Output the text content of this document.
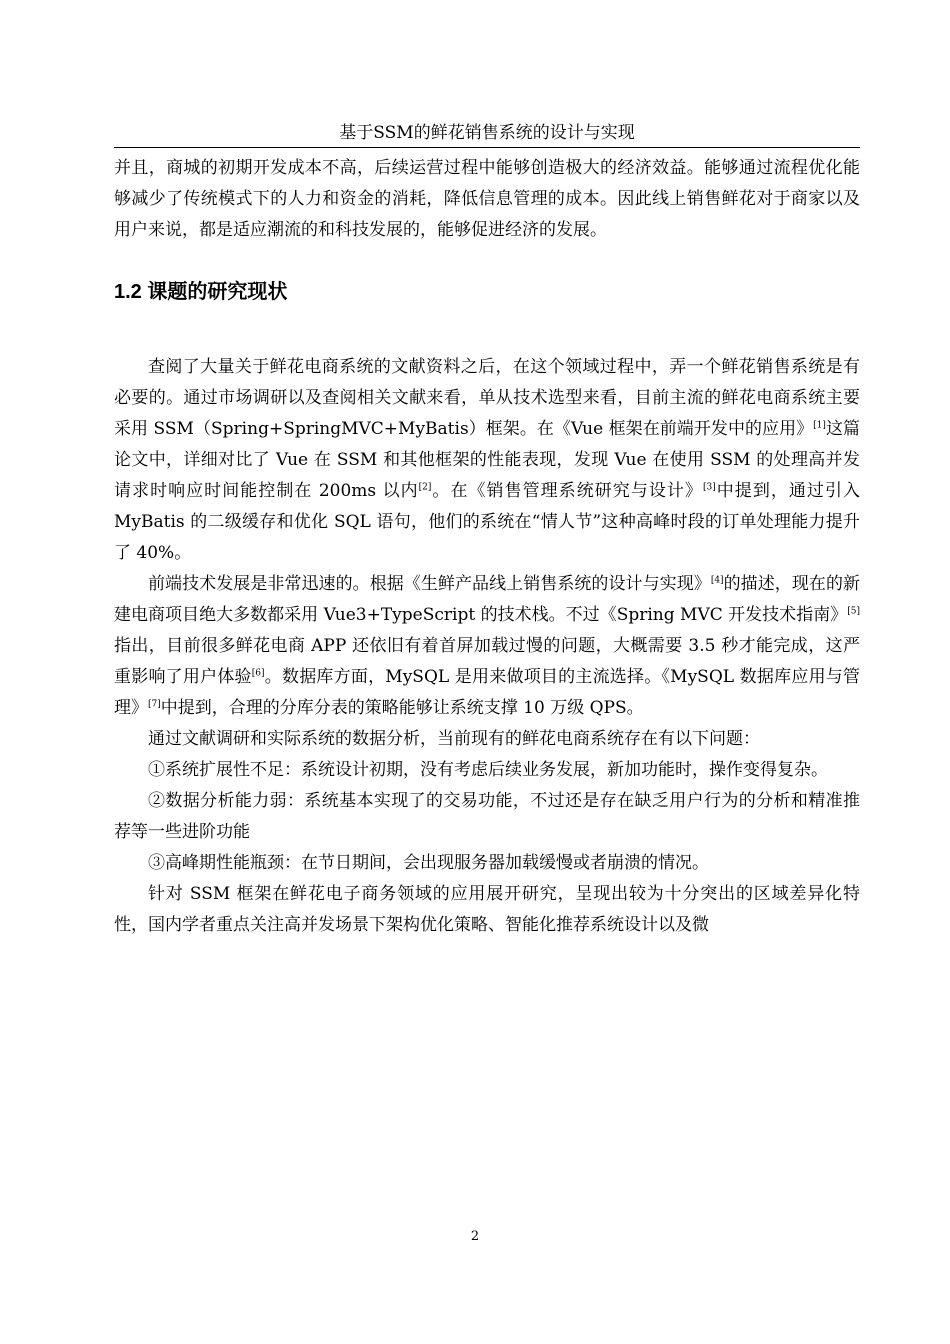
基于SSM的鲜花销售系统的设计与实现

并且，商城的初期开发成本不高，后续运营过程中能够创造极大的经济效益。能够通过流程优化能够减少了传统模式下的人力和资金的消耗，降低信息管理的成本。因此线上销售鲜花对于商家以及用户来说，都是适应潮流的和科技发展的，能够促进经济的发展。

1.2 课题的研究现状

查阅了大量关于鲜花电商系统的文献资料之后，在这个领域过程中，弄一个鲜花销售系统是有必要的。通过市场调研以及查阅相关文献来看，单从技术选型来看，目前主流的鲜花电商系统主要采用 SSM（Spring+SpringMVC+MyBatis）框架。在《Vue 框架在前端开发中的应用》[1]这篇论文中，详细对比了 Vue 在 SSM 和其他框架的性能表现，发现 Vue 在使用 SSM 的处理高并发请求时响应时间能控制在 200ms 以内[2]。在《销售管理系统研究与设计》[3]中提到，通过引入 MyBatis 的二级缓存和优化 SQL 语句，他们的系统在“情人节”这种高峰时段的订单处理能力提升了 40%。

前端技术发展是非常迅速的。根据《生鲜产品线上销售系统的设计与实现》[4]的描述，现在的新建电商项目绝大多数都采用 Vue3+TypeScript 的技术栈。不过《Spring MVC 开发技术指南》[5]指出，目前很多鲜花电商 APP 还依旧有着首屏加载过慢的问题，大概需要 3.5 秒才能完成，这严重影响了用户体验[6]。数据库方面，MySQL 是用来做项目的主流选择。《MySQL 数据库应用与管理》[7]中提到，合理的分库分表的策略能够让系统支撑 10 万级 QPS。

通过文献调研和实际系统的数据分析，当前现有的鲜花电商系统存在有以下问题：

①系统扩展性不足：系统设计初期，没有考虑后续业务发展，新加功能时，操作变得复杂。

②数据分析能力弱：系统基本实现了的交易功能，不过还是存在缺乏用户行为的分析和精准推荐等一些进阶功能

③高峰期性能瓶颈：在节日期间，会出现服务器加载缓慢或者崩溃的情况。

针对 SSM 框架在鲜花电子商务领域的应用展开研究，呈现出较为十分突出的区域差异化特性，国内学者重点关注高并发场景下架构优化策略、智能化推荐系统设计以及微

2
